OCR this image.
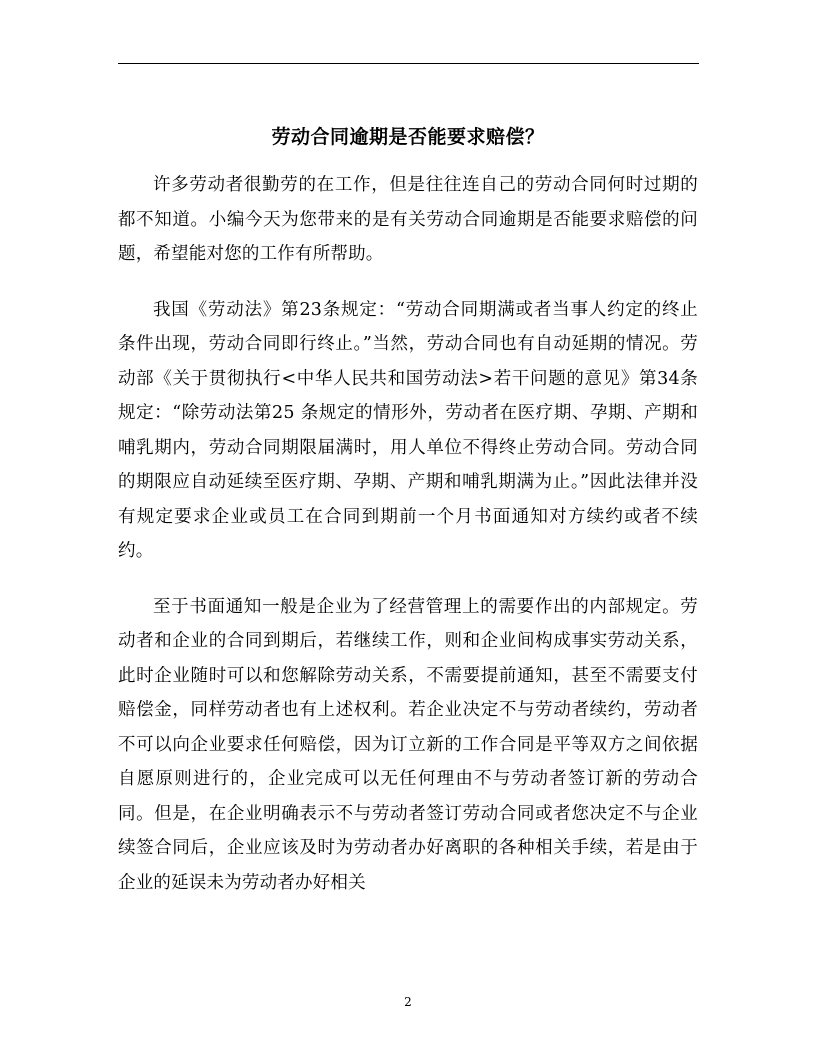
劳动合同逾期是否能要求赔偿？

许多劳动者很勤劳的在工作，但是往往连自己的劳动合同何时过期的都不知道。小编今天为您带来的是有关劳动合同逾期是否能要求赔偿的问题，希望能对您的工作有所帮助。

我国《劳动法》第23条规定：“劳动合同期满或者当事人约定的终止条件出现，劳动合同即行终止。”当然，劳动合同也有自动延期的情况。劳动部《关于贯彻执行<中华人民共和国劳动法>若干问题的意见》第34条规定：“除劳动法第25 条规定的情形外，劳动者在医疗期、孕期、产期和哺乳期内，劳动合同期限届满时，用人单位不得终止劳动合同。劳动合同的期限应自动延续至医疗期、孕期、产期和哺乳期满为止。”因此法律并没有规定要求企业或员工在合同到期前一个月书面通知对方续约或者不续约。

至于书面通知一般是企业为了经营管理上的需要作出的内部规定。劳动者和企业的合同到期后，若继续工作，则和企业间构成事实劳动关系，此时企业随时可以和您解除劳动关系，不需要提前通知，甚至不需要支付赔偿金，同样劳动者也有上述权利。若企业决定不与劳动者续约，劳动者不可以向企业要求任何赔偿，因为订立新的工作合同是平等双方之间依据自愿原则进行的，企业完成可以无任何理由不与劳动者签订新的劳动合同。但是，在企业明确表示不与劳动者签订劳动合同或者您决定不与企业续签合同后，企业应该及时为劳动者办好离职的各种相关手续，若是由于企业的延误未为劳动者办好相关

2
